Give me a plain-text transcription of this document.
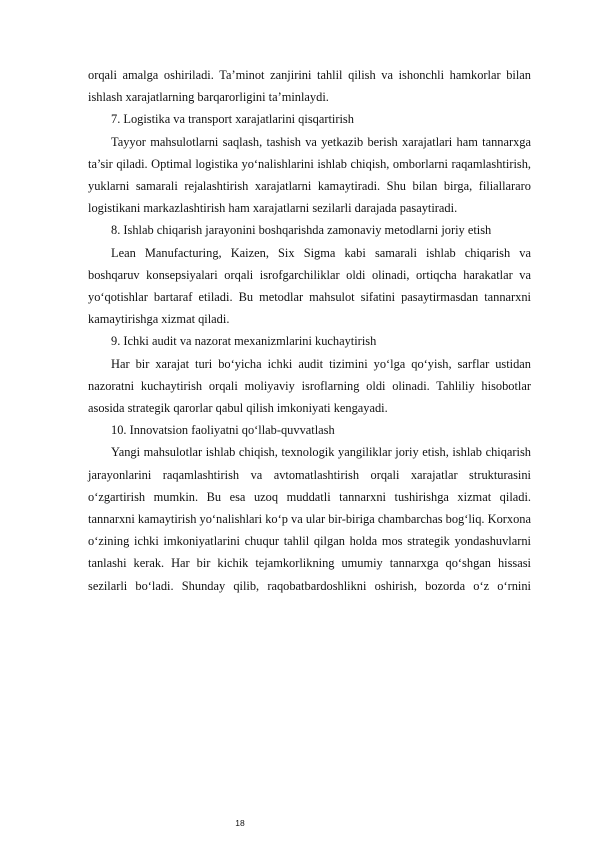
orqali amalga oshiriladi. Ta’minot zanjirini tahlil qilish va ishonchli hamkorlar bilan ishlash xarajatlarning barqarorligini ta’minlaydi.

7. Logistika va transport xarajatlarini qisqartirish

Tayyor mahsulotlarni saqlash, tashish va yetkazib berish xarajatlari ham tannarxga ta’sir qiladi. Optimal logistika yo‘nalishlarini ishlab chiqish, omborlarni raqamlashtirish, yuklarni samarali rejalashtirish xarajatlarni kamaytiradi. Shu bilan birga, filiallararo logistikani markazlashtirish ham xarajatlarni sezilarli darajada pasaytiradi.

8. Ishlab chiqarish jarayonini boshqarishda zamonaviy metodlarni joriy etish

Lean Manufacturing, Kaizen, Six Sigma kabi samarali ishlab chiqarish va boshqaruv konsepsiyalari orqali isrofgarchiliklar oldi olinadi, ortiqcha harakatlar va yo‘qotishlar bartaraf etiladi. Bu metodlar mahsulot sifatini pasaytirmasdan tannarxni kamaytirishga xizmat qiladi.

9. Ichki audit va nazorat mexanizmlarini kuchaytirish

Har bir xarajat turi bo‘yicha ichki audit tizimini yo‘lga qo‘yish, sarflar ustidan nazoratni kuchaytirish orqali moliyaviy isroflarning oldi olinadi. Tahliliy hisobotlar asosida strategik qarorlar qabul qilish imkoniyati kengayadi.

10. Innovatsion faoliyatni qo‘llab-quvvatlash

Yangi mahsulotlar ishlab chiqish, texnologik yangiliklar joriy etish, ishlab chiqarish jarayonlarini raqamlashtirish va avtomatlashtirish orqali xarajatlar strukturasini o‘zgartirish mumkin. Bu esa uzoq muddatli tannarxni tushirishga xizmat qiladi. tannarxni kamaytirish yo‘nalishlari ko‘p va ular bir-biriga chambarchas bog‘liq. Korxona o‘zining ichki imkoniyatlarini chuqur tahlil qilgan holda mos strategik yondashuvlarni tanlashi kerak. Har bir kichik tejamkorlikning umumiy tannarxga qo‘shgan hissasi sezilarli bo‘ladi. Shunday qilib, raqobatbardoshlikni oshirish, bozorda o‘z o‘rnini

18
